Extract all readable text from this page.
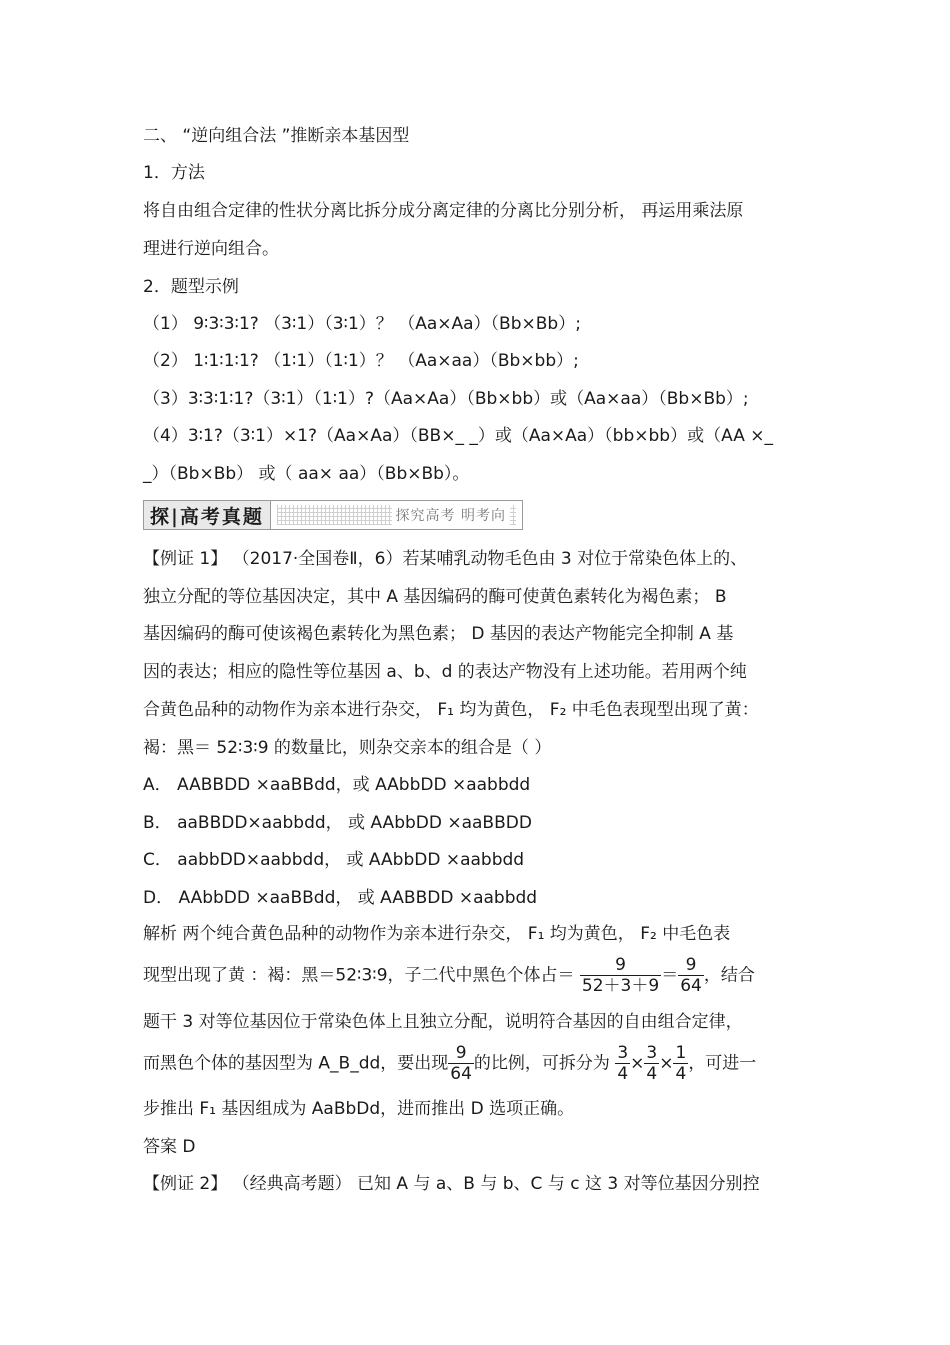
二、 “逆向组合法 ”推断亲本基因型
1．方法
将自由组合定律的性状分离比拆分成分离定律的分离比分别分析， 再运用乘法原
理进行逆向组合。
2．题型示例
（1） 9∶3∶3∶1? （3∶1）（3∶1）？ （Aa×Aa）（Bb×Bb）;
（2） 1∶1∶1∶1? （1∶1）（1∶1）？ （Aa×aa）（Bb×bb）;
（3）3∶3∶1∶1?（3∶1）（1∶1）?（Aa×Aa）（Bb×bb）或（Aa×aa）（Bb×Bb）;
（4）3∶1?（3∶1）×1?（Aa×Aa）（BB×_ _）或（Aa×Aa）（bb×bb）或（AA ×_
_）（Bb×Bb） 或（ aa× aa）（Bb×Bb）。
探|高考真题	探究高考 明考向
【例证 1】 （2017·全国卷Ⅱ，6）若某哺乳动物毛色由 3 对位于常染色体上的、
独立分配的等位基因决定，其中 A 基因编码的酶可使黄色素转化为褐色素； B
基因编码的酶可使该褐色素转化为黑色素； D 基因的表达产物能完全抑制 A 基
因的表达；相应的隐性等位基因 a、b、d 的表达产物没有上述功能。若用两个纯
合黄色品种的动物作为亲本进行杂交， F₁ 均为黄色， F₂ 中毛色表现型出现了黄：
褐：黑＝ 52∶3∶9 的数量比，则杂交亲本的组合是（ ）
A． AABBDD ×aaBBdd，或 AAbbDD ×aabbdd
B． aaBBDD×aabbdd， 或 AAbbDD ×aaBBDD
C． aabbDD×aabbdd， 或 AAbbDD ×aabbdd
D． AAbbDD ×aaBBdd， 或 AABBDD ×aabbdd
解析 两个纯合黄色品种的动物作为亲本进行杂交， F₁ 均为黄色， F₂ 中毛色表
现型出现了黄 ：褐：黑＝52∶3∶9，子二代中黑色个体占＝ $\frac{9}{52+3+9} = \frac{9}{64}$ ，结合
题干 3 对等位基因位于常染色体上且独立分配，说明符合基因的自由组合定律，
而黑色个体的基因型为 A_B_dd，要出现 $\frac{9}{64}$ 的比例，可拆分为 $\frac{3}{4} \times \frac{3}{4} \times \frac{1}{4}$ ，可进一
步推出 F₁ 基因组成为 AaBbDd，进而推出 D 选项正确。
答案 D
【例证 2】 （经典高考题） 已知 A 与 a、B 与 b、C 与 c 这 3 对等位基因分别控
